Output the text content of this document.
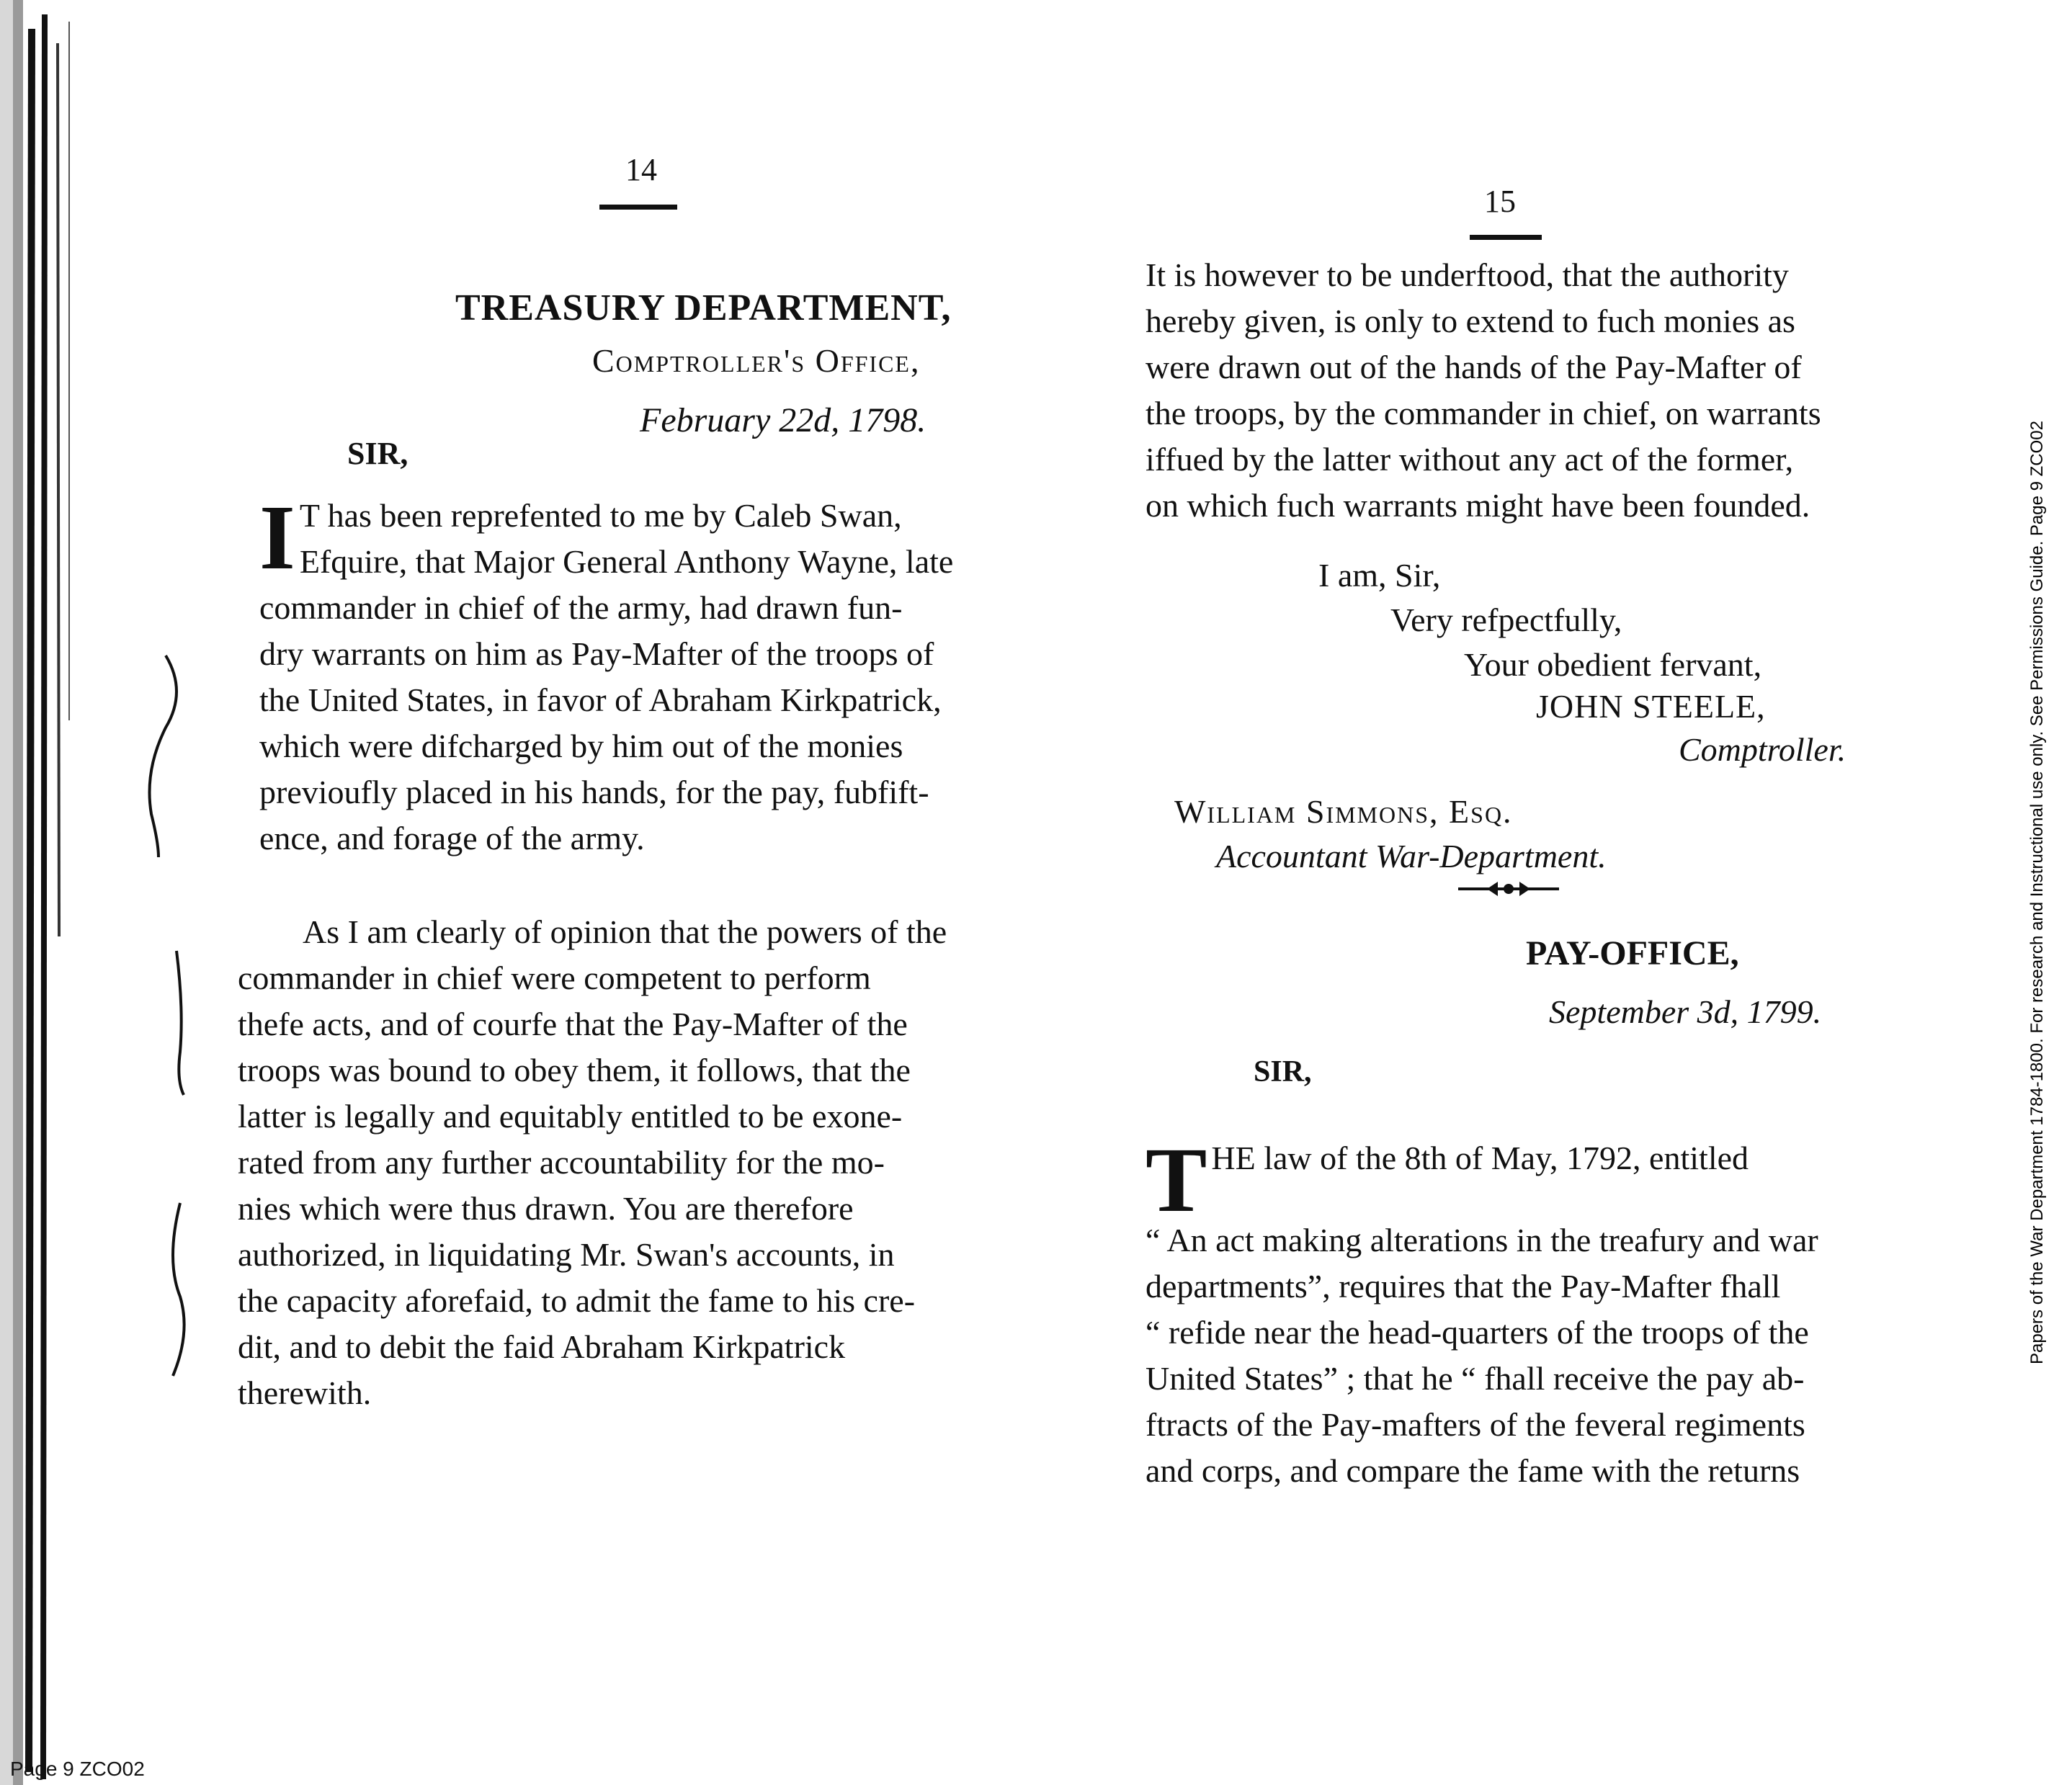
14
TREASURY DEPARTMENT,
Comptroller's Office,
February 22d, 1798.
SIR,
I T has been reprefented to me by Caleb Swan,

Efquire, that Major General Anthony Wayne, late

commander in chief of the army, had drawn fun-

dry warrants on him as Pay-Mafter of the troops of

the United States, in favor of Abraham Kirkpatrick,

which were difcharged by him out of the monies

previoufly placed in his hands, for the pay, fubfift-

ence, and forage of the army.

As I am clearly of opinion that the powers of the

commander in chief were competent to perform

thefe acts, and of courfe that the Pay-Mafter of the

troops was bound to obey them, it follows, that the

latter is legally and equitably entitled to be exone-

rated from any further accountability for the mo-

nies which were thus drawn. You are therefore

authorized, in liquidating Mr. Swan's accounts, in

the capacity aforefaid, to admit the fame to his cre-

dit, and to debit the faid Abraham Kirkpatrick

therewith.

15

It is however to be underftood, that the authority

hereby given, is only to extend to fuch monies as

were drawn out of the hands of the Pay-Mafter of

the troops, by the commander in chief, on warrants

iffued by the latter without any act of the former,

on which fuch warrants might have been founded.

I am, Sir,
Very refpectfully,
Your obedient fervant,
JOHN STEELE,
Comptroller.
William Simmons, Esq.
Accountant War-Department.
PAY-OFFICE,
September 3d, 1799.
SIR,
T HE law of the 8th of May, 1792, entitled

“ An act making alterations in the treafury and war

departments”, requires that the Pay-Mafter fhall

“ refide near the head-quarters of the troops of the

United States” ; that he “ fhall receive the pay ab-

ftracts of the Pay-mafters of the feveral regiments

and corps, and compare the fame with the returns

Page 9 ZCO02
Papers of the War Department 1784-1800. For research and Instructional use only. See Permissions Guide. Page 9 ZCO02
